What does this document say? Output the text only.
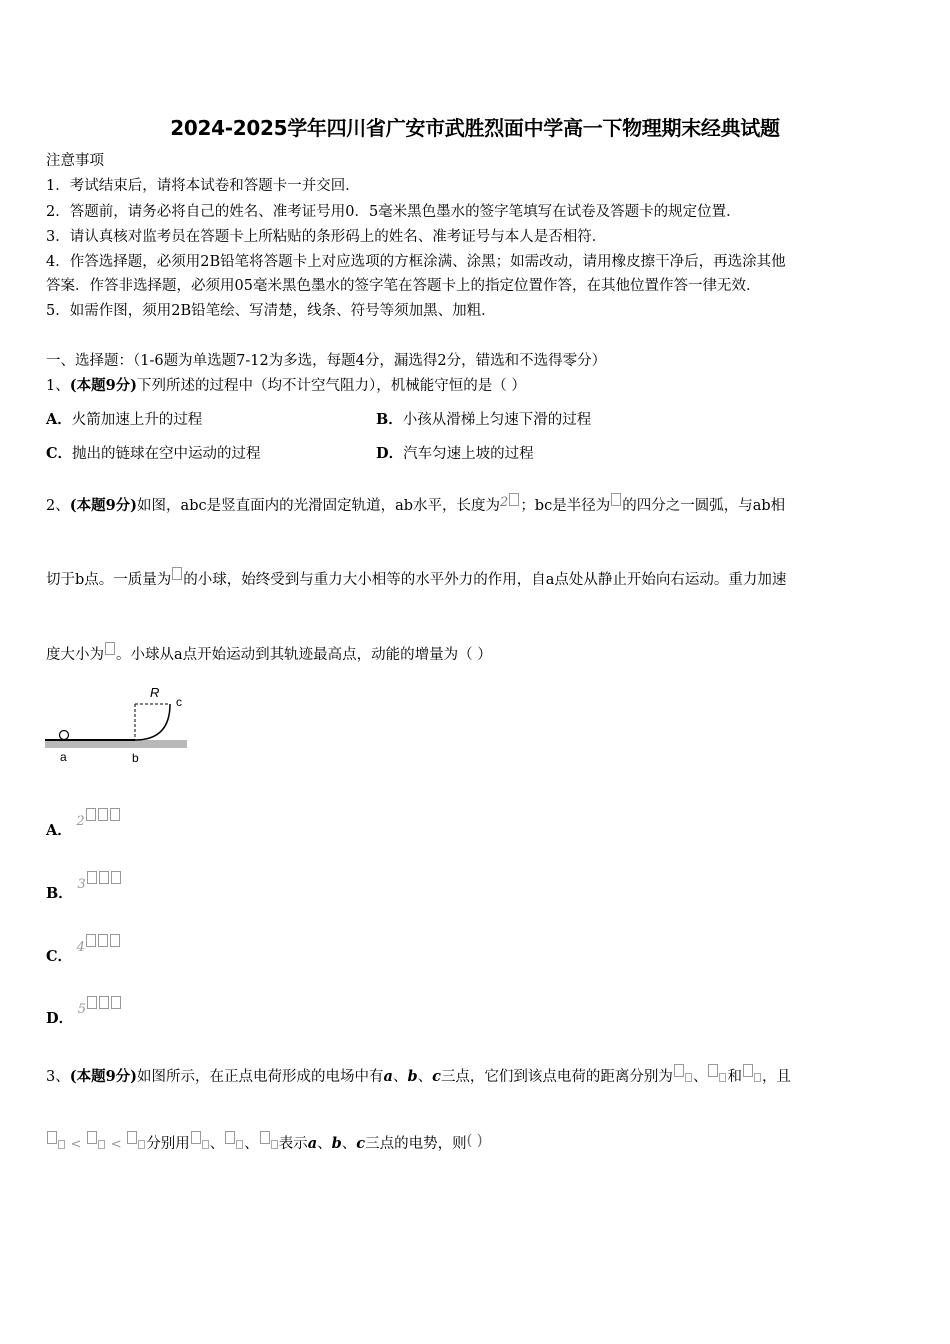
2024-2025学年四川省广安市武胜烈面中学高一下物理期末经典试题
注意事项
1．考试结束后，请将本试卷和答题卡一并交回．
2．答题前，请务必将自己的姓名、准考证号用0．5毫米黑色墨水的签字笔填写在试卷及答题卡的规定位置．
3．请认真核对监考员在答题卡上所粘贴的条形码上的姓名、准考证号与本人是否相符．
4．作答选择题，必须用2B铅笔将答题卡上对应选项的方框涂满、涂黑；如需改动，请用橡皮擦干净后，再选涂其他
答案．作答非选择题，必须用05毫米黑色墨水的签字笔在答题卡上的指定位置作答，在其他位置作答一律无效．
5．如需作图，须用2B铅笔绘、写清楚，线条、符号等须加黑、加粗．
一、选择题：（1-6题为单选题7-12为多选，每题4分，漏选得2分，错选和不选得零分）
1、(本题9分)下列所述的过程中（均不计空气阻力），机械能守恒的是（ ）
A．火箭加速上升的过程	B．小孩从滑梯上匀速下滑的过程
C．抛出的链球在空中运动的过程	D．汽车匀速上坡的过程
2、(本题9分)如图，abc是竖直面内的光滑固定轨道，ab水平，长度为2 ；bc是半径为 的四分之一圆弧，与ab相
切于b点。一质量为 的小球，始终受到与重力大小相等的水平外力的作用，自a点处从静止开始向右运动。重力加速
度大小为 。小球从a点开始运动到其轨迹最高点，动能的增量为（ ）
R
c
a	b
A． 2
B． 3
C． 4
D． 5
3、(本题9分)如图所示，在正点电荷形成的电场中有a、b、c三点，它们到该点电荷的距离分别为 、 和 ，且
< < 分别用 、 、 表示a、b、c三点的电势，则( )
